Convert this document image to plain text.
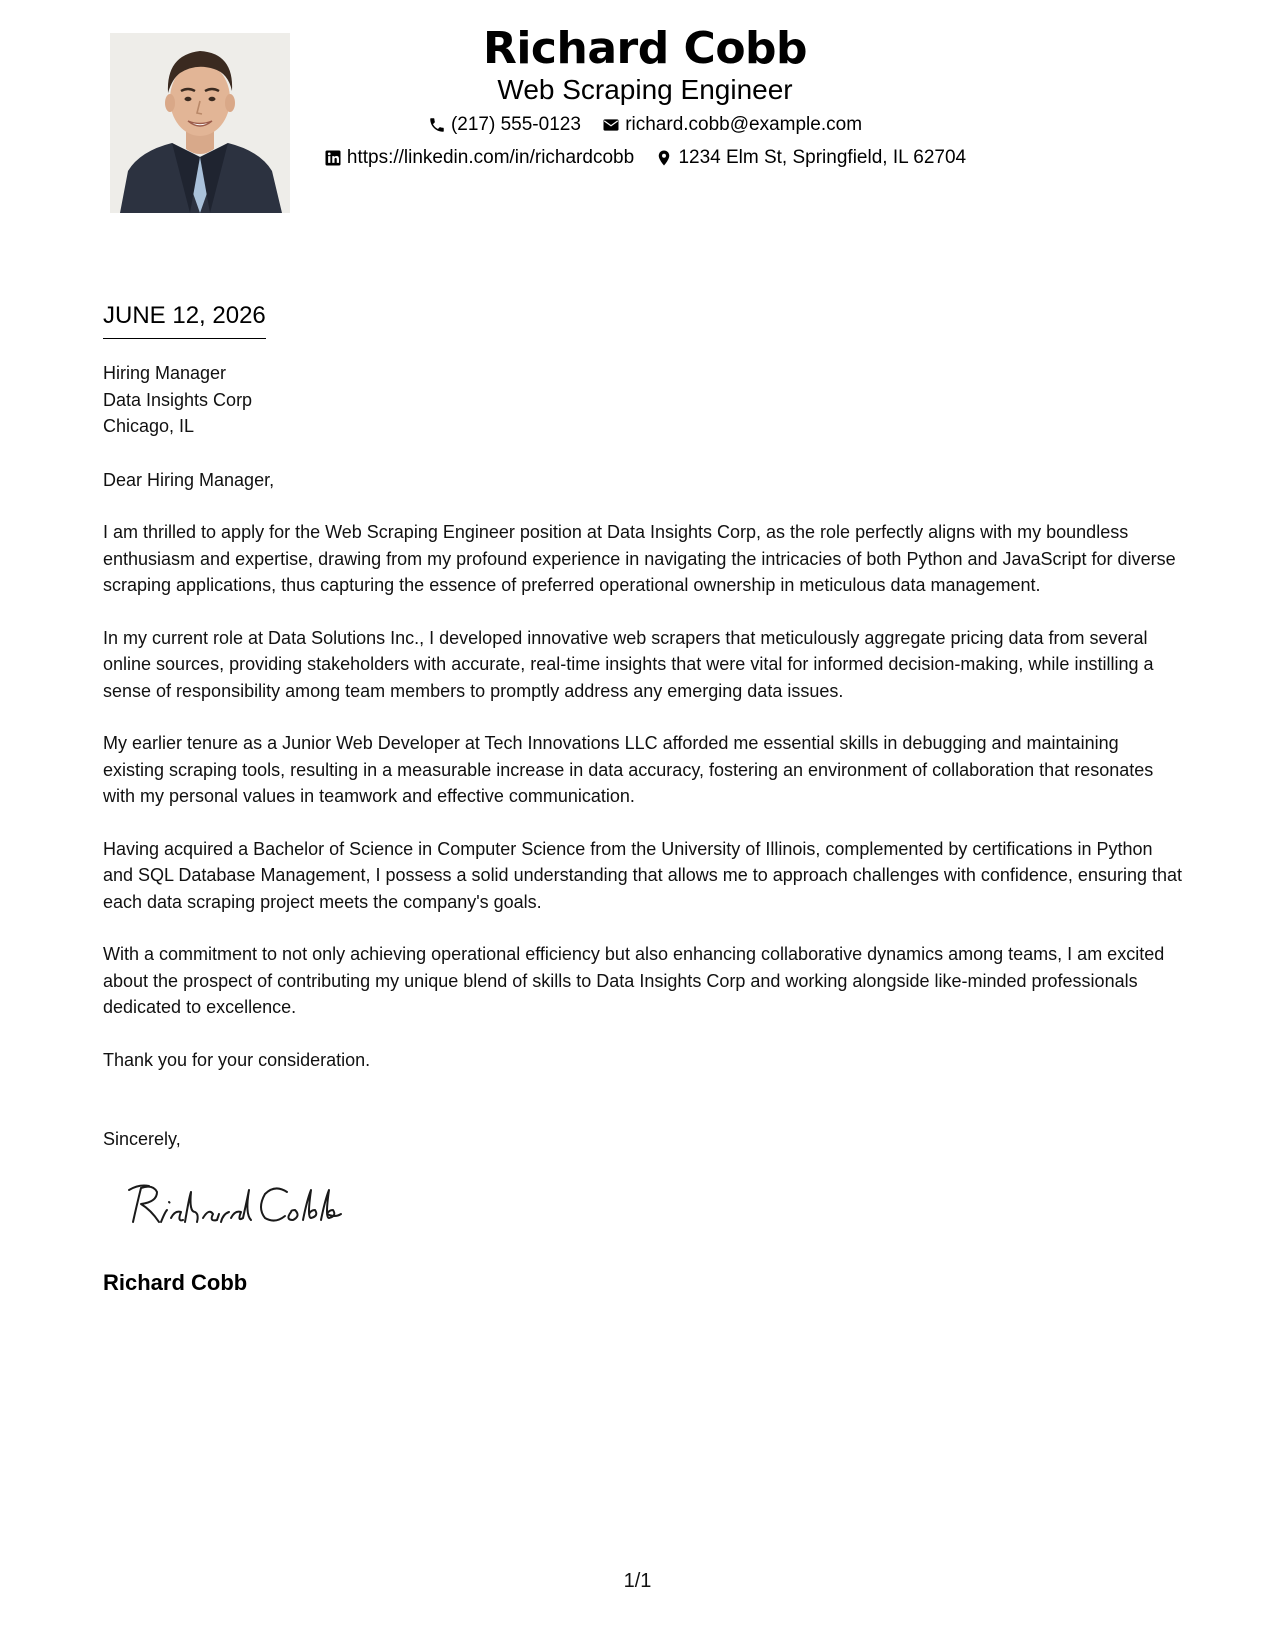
Richard Cobb
Web Scraping Engineer
(217) 555-0123
richard.cobb@example.com
https://linkedin.com/in/richardcobb
1234 Elm St, Springfield, IL 62704
JUNE 12, 2026
Hiring Manager
Data Insights Corp
Chicago, IL
Dear Hiring Manager,

I am thrilled to apply for the Web Scraping Engineer position at Data Insights Corp, as the role perfectly aligns with my boundless enthusiasm and expertise, drawing from my profound experience in navigating the intricacies of both Python and JavaScript for diverse scraping applications, thus capturing the essence of preferred operational ownership in meticulous data management.

In my current role at Data Solutions Inc., I developed innovative web scrapers that meticulously aggregate pricing data from several online sources, providing stakeholders with accurate, real-time insights that were vital for informed decision-making, while instilling a sense of responsibility among team members to promptly address any emerging data issues.

My earlier tenure as a Junior Web Developer at Tech Innovations LLC afforded me essential skills in debugging and maintaining existing scraping tools, resulting in a measurable increase in data accuracy, fostering an environment of collaboration that resonates with my personal values in teamwork and effective communication.

Having acquired a Bachelor of Science in Computer Science from the University of Illinois, complemented by certifications in Python and SQL Database Management, I possess a solid understanding that allows me to approach challenges with confidence, ensuring that each data scraping project meets the company's goals.

With a commitment to not only achieving operational efficiency but also enhancing collaborative dynamics among teams, I am excited about the prospect of contributing my unique blend of skills to Data Insights Corp and working alongside like-minded professionals dedicated to excellence.

Thank you for your consideration.
Sincerely,
Richard Cobb
1/1
